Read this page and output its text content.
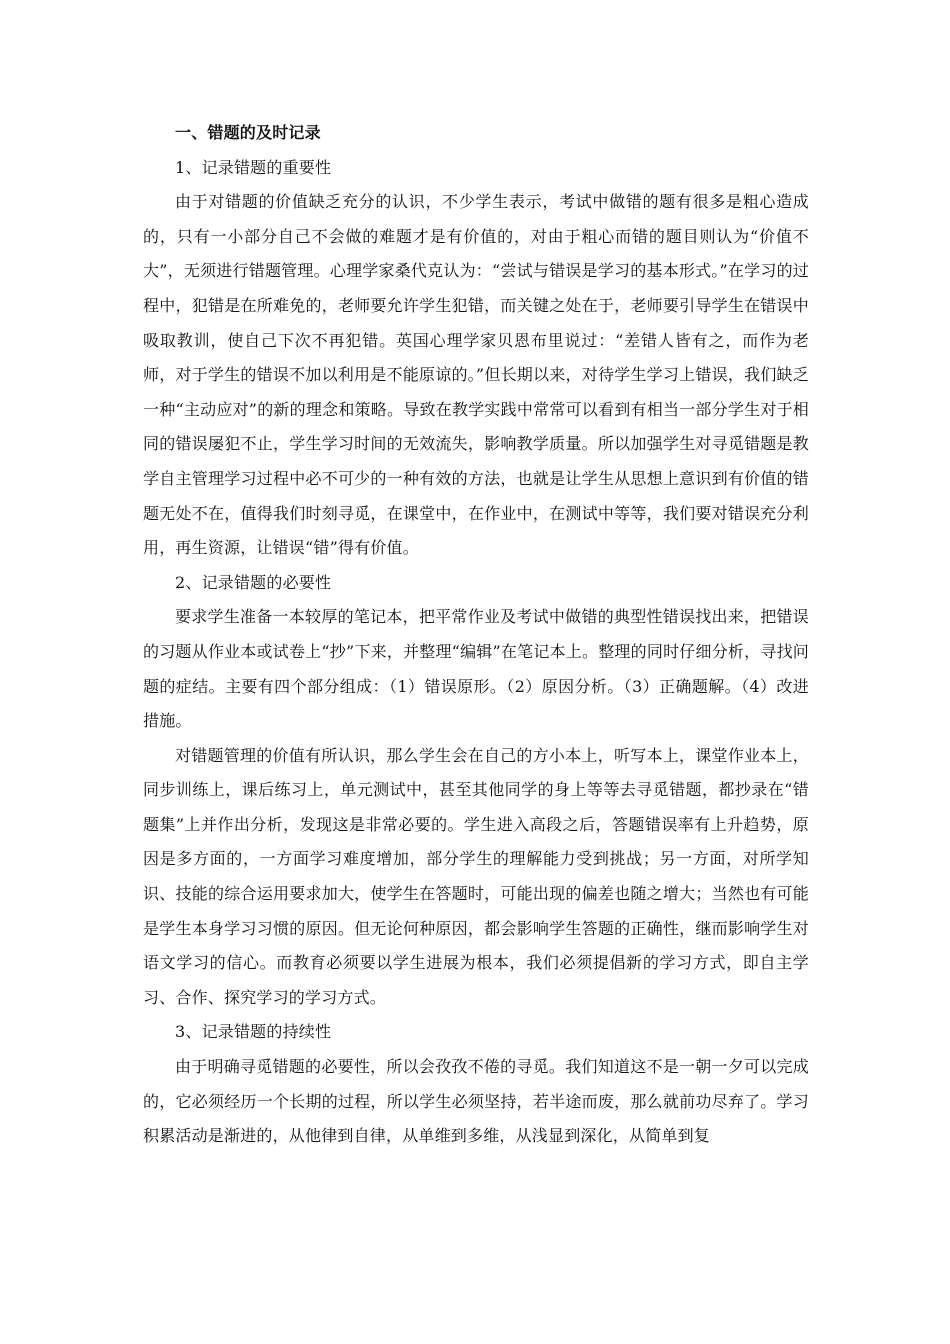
一、错题的及时记录

1、记录错题的重要性

由于对错题的价值缺乏充分的认识，不少学生表示，考试中做错的题有很多是粗心造成的，只有一小部分自己不会做的难题才是有价值的，对由于粗心而错的题目则认为“价值不大”，无须进行错题管理。心理学家桑代克认为：“尝试与错误是学习的基本形式。”在学习的过程中，犯错是在所难免的，老师要允许学生犯错，而关键之处在于，老师要引导学生在错误中吸取教训，使自己下次不再犯错。英国心理学家贝恩布里说过：“差错人皆有之，而作为老师，对于学生的错误不加以利用是不能原谅的。”但长期以来，对待学生学习上错误，我们缺乏一种“主动应对”的新的理念和策略。导致在教学实践中常常可以看到有相当一部分学生对于相同的错误屡犯不止，学生学习时间的无效流失，影响教学质量。所以加强学生对寻觅错题是教学自主管理学习过程中必不可少的一种有效的方法，也就是让学生从思想上意识到有价值的错题无处不在，值得我们时刻寻觅，在课堂中，在作业中，在测试中等等，我们要对错误充分利用，再生资源，让错误“错”得有价值。

2、记录错题的必要性

要求学生准备一本较厚的笔记本，把平常作业及考试中做错的典型性错误找出来，把错误的习题从作业本或试卷上“抄”下来，并整理“编辑”在笔记本上。整理的同时仔细分析，寻找问题的症结。主要有四个部分组成：（1）错误原形。（2）原因分析。（3）正确题解。（4）改进措施。

对错题管理的价值有所认识，那么学生会在自己的方小本上，听写本上，课堂作业本上，同步训练上，课后练习上，单元测试中，甚至其他同学的身上等等去寻觅错题，都抄录在“错题集”上并作出分析，发现这是非常必要的。学生进入高段之后，答题错误率有上升趋势，原因是多方面的，一方面学习难度增加，部分学生的理解能力受到挑战；另一方面，对所学知识、技能的综合运用要求加大，使学生在答题时，可能出现的偏差也随之增大；当然也有可能是学生本身学习习惯的原因。但无论何种原因，都会影响学生答题的正确性，继而影响学生对语文学习的信心。而教育必须要以学生进展为根本，我们必须提倡新的学习方式，即自主学习、合作、探究学习的学习方式。

3、记录错题的持续性

由于明确寻觅错题的必要性，所以会孜孜不倦的寻觅。我们知道这不是一朝一夕可以完成的，它必须经历一个长期的过程，所以学生必须坚持，若半途而废，那么就前功尽弃了。学习积累活动是渐进的，从他律到自律，从单维到多维，从浅显到深化，从简单到复
